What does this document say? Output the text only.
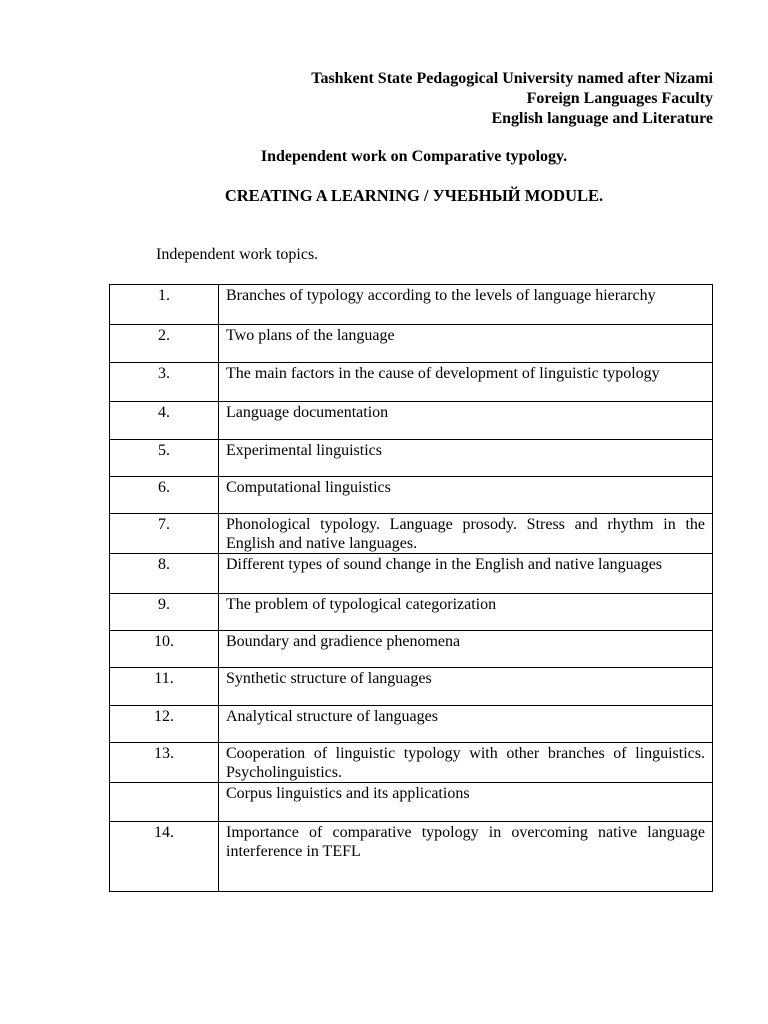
Tashkent State Pedagogical University named after Nizami
Foreign Languages Faculty
English language and Literature
Independent work on Comparative typology.
CREATING A LEARNING / УЧЕБНЫЙ MODULE.
Independent work topics.
1.	Branches of typology according to the levels of language hierarchy
2.	Two plans of the language
3.	The main factors in the cause of development of linguistic typology
4.	Language documentation
5.	Experimental linguistics
6.	Computational linguistics
7.	Phonological typology. Language prosody. Stress and rhythm in the English and native languages.
8.	Different types of sound change in the English and native languages
9.	The problem of typological categorization
10.	Boundary and gradience phenomena
11.	Synthetic structure of languages
12.	Analytical structure of languages
13.	Cooperation of linguistic typology with other branches of linguistics. Psycholinguistics.
	Corpus linguistics and its applications
14.	Importance of comparative typology in overcoming native language interference in TEFL
